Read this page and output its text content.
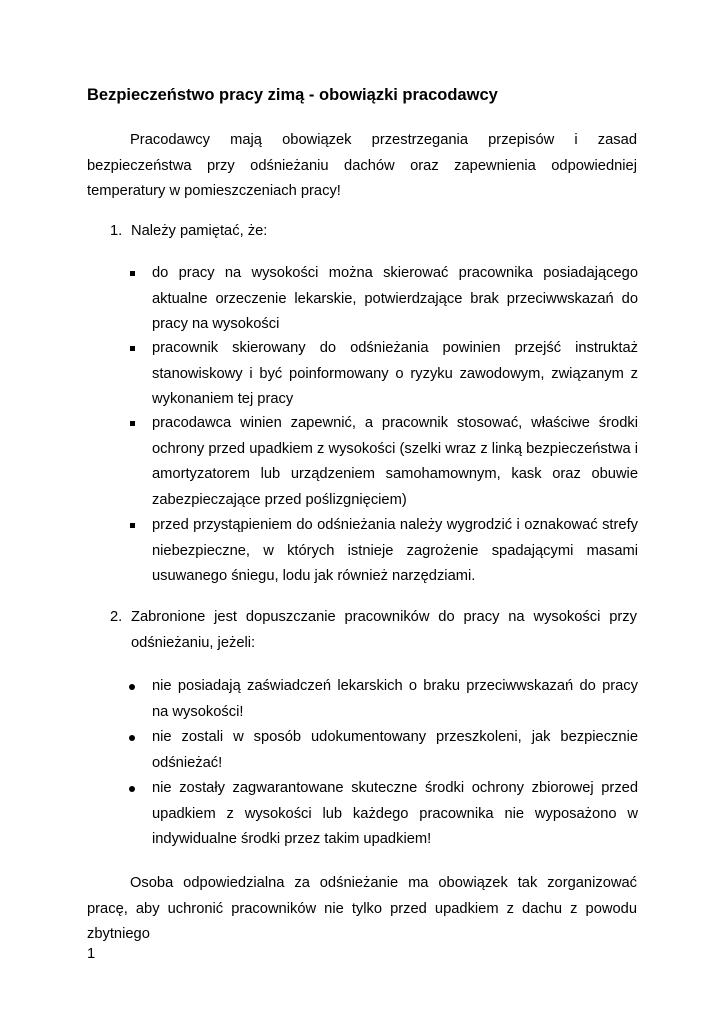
Bezpieczeństwo pracy zimą - obowiązki pracodawcy

Pracodawcy mają obowiązek przestrzegania przepisów i zasad bezpieczeństwa przy odśnieżaniu dachów oraz zapewnienia odpowiedniej temperatury w pomieszczeniach pracy!

1. Należy pamiętać, że:
do pracy na wysokości można skierować pracownika posiadającego aktualne orzeczenie lekarskie, potwierdzające brak przeciwwskazań do pracy na wysokości
pracownik skierowany do odśnieżania powinien przejść instruktaż stanowiskowy i być poinformowany o ryzyku zawodowym, związanym z wykonaniem tej pracy
pracodawca winien zapewnić, a pracownik stosować, właściwe środki ochrony przed upadkiem z wysokości (szelki wraz z linką bezpieczeństwa i amortyzatorem lub urządzeniem samohamownym, kask oraz obuwie zabezpieczające przed poślizgnięciem)
przed przystąpieniem do odśnieżania należy wygrodzić i oznakować strefy niebezpieczne, w których istnieje zagrożenie spadającymi masami usuwanego śniegu, lodu jak również narzędziami.
2. Zabronione jest dopuszczanie pracowników do pracy na wysokości przy odśnieżaniu, jeżeli:
nie posiadają zaświadczeń lekarskich o braku przeciwwskazań do pracy na wysokości!
nie zostali w sposób udokumentowany przeszkoleni, jak bezpiecznie odśnieżać!
nie zostały zagwarantowane skuteczne środki ochrony zbiorowej przed upadkiem z wysokości lub każdego pracownika nie wyposażono w indywidualne środki przez takim upadkiem!

Osoba odpowiedzialna za odśnieżanie ma obowiązek tak zorganizować pracę, aby uchronić pracowników nie tylko przed upadkiem z dachu z powodu zbytniego

1
